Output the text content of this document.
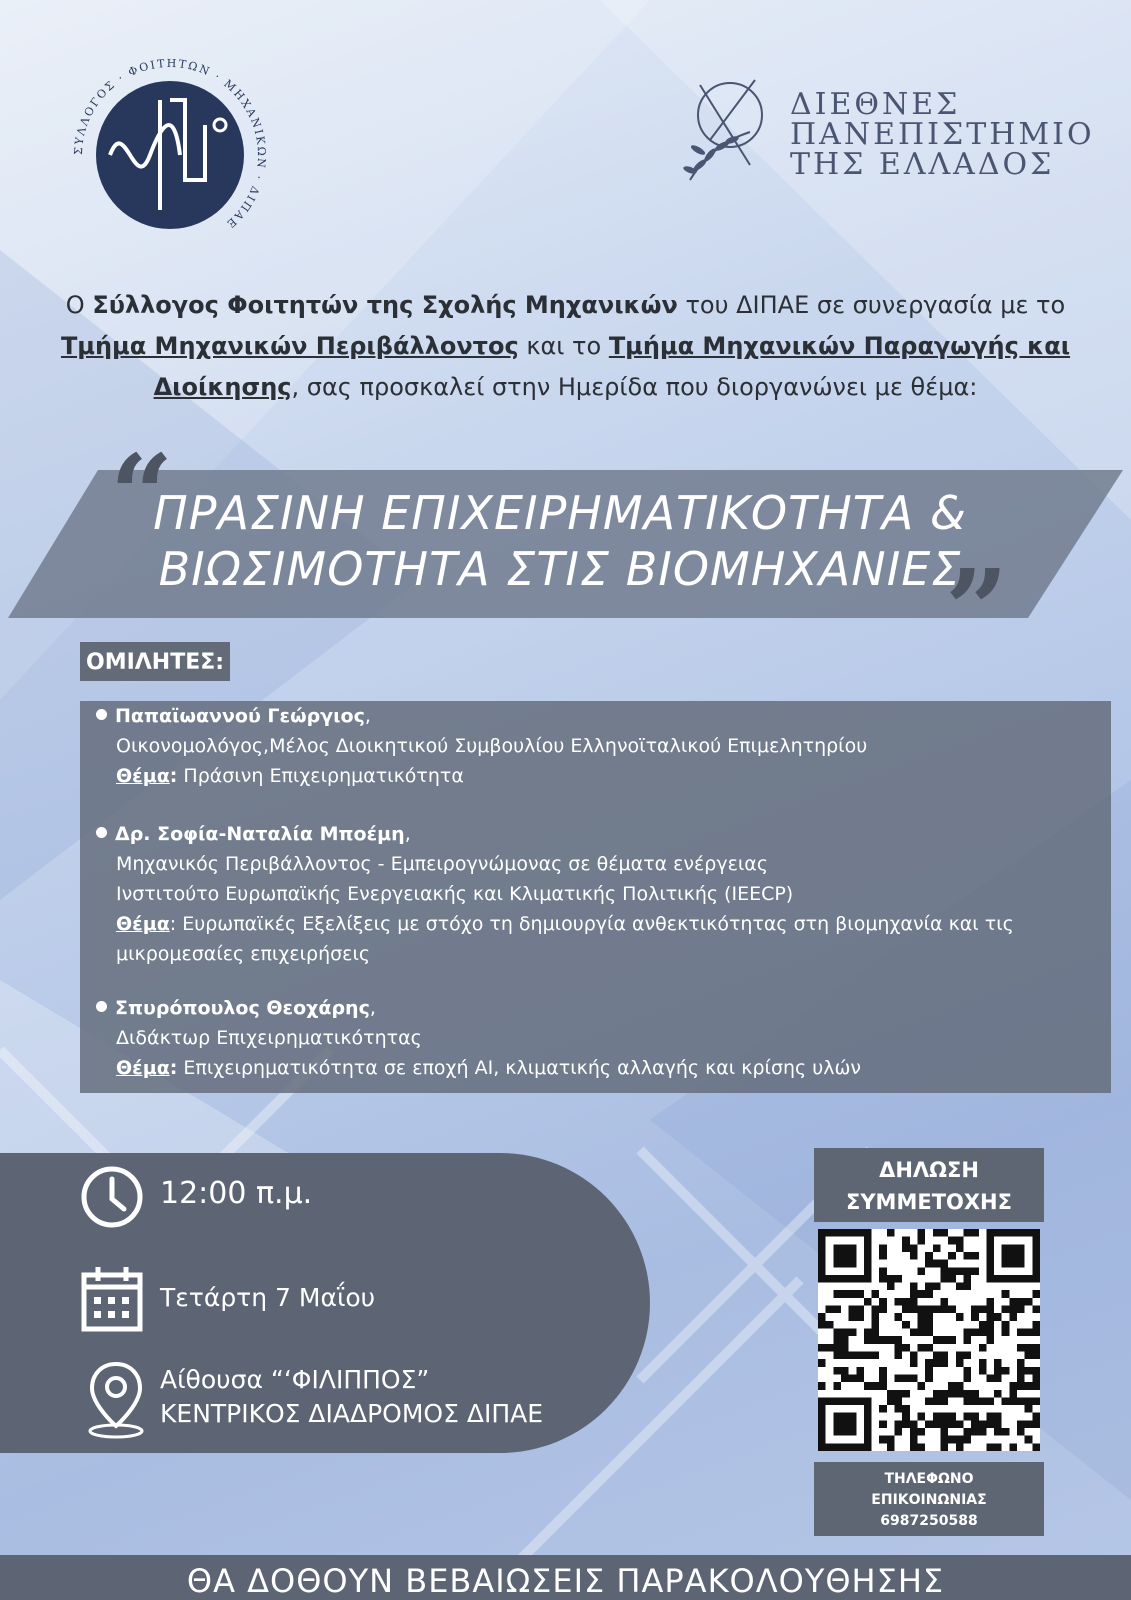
ΣΥΛΛΟΓΟΣ · ΦΟΙΤΗΤΩΝ · ΜΗΧΑΝΙΚΩΝ · ΔΙΠΑΕ
ΔΙΕΘΝΕΣ
ΠΑΝΕΠΙΣΤΗΜΙΟ
ΤΗΣ ΕΛΛΑΔΟΣ
Ο Σύλλογος Φοιτητών της Σχολής Μηχανικών του ΔΙΠΑΕ σε συνεργασία με το Τμήμα Μηχανικών Περιβάλλοντος και το Τμήμα Μηχανικών Παραγωγής και Διοίκησης, σας προσκαλεί στην Ημερίδα που διοργανώνει με θέμα:
“
ΠΡΑΣΙΝΗ ΕΠΙΧΕΙΡΗΜΑΤΙΚΟΤΗΤΑ &
ΒΙΩΣΙΜΟΤΗΤΑ ΣΤΙΣ ΒΙΟΜΗΧΑΝΙΕΣ
”
ΟΜΙΛΗΤΕΣ:
Παπαϊωαννού Γεώργιος,
Οικονομολόγος,Μέλος Διοικητικού Συμβουλίου Ελληνοϊταλικού Επιμελητηρίου
Θέμα: Πράσινη Επιχειρηματικότητα
Δρ. Σοφία-Ναταλία Μποέμη,
Μηχανικός Περιβάλλοντος - Εμπειρογνώμονας σε θέματα ενέργειας
Ινστιτούτο Ευρωπαϊκής Ενεργειακής και Κλιματικής Πολιτικής (IEECP)
Θέμα: Ευρωπαϊκές Εξελίξεις με στόχο τη δημιουργία ανθεκτικότητας στη βιομηχανία και τις
μικρομεσαίες επιχειρήσεις
Σπυρόπουλος Θεοχάρης,
Διδάκτωρ Επιχειρηματικότητας
Θέμα: Επιχειρηματικότητα σε εποχή AI, κλιματικής αλλαγής και κρίσης υλών
12:00 π.μ.
Τετάρτη 7 Μαΐου
Αίθουσα “‘ΦΙΛΙΠΠΟΣ”
ΚΕΝΤΡΙΚΟΣ ΔΙΑΔΡΟΜΟΣ ΔΙΠΑΕ
ΔΗΛΩΣΗ
ΣΥΜΜΕΤΟΧΗΣ
ΤΗΛΕΦΩΝΟ
ΕΠΙΚΟΙΝΩΝΙΑΣ
6987250588
ΘΑ ΔΟΘΟΥΝ ΒΕΒΑΙΩΣΕΙΣ ΠΑΡΑΚΟΛΟΥΘΗΣΗΣ
